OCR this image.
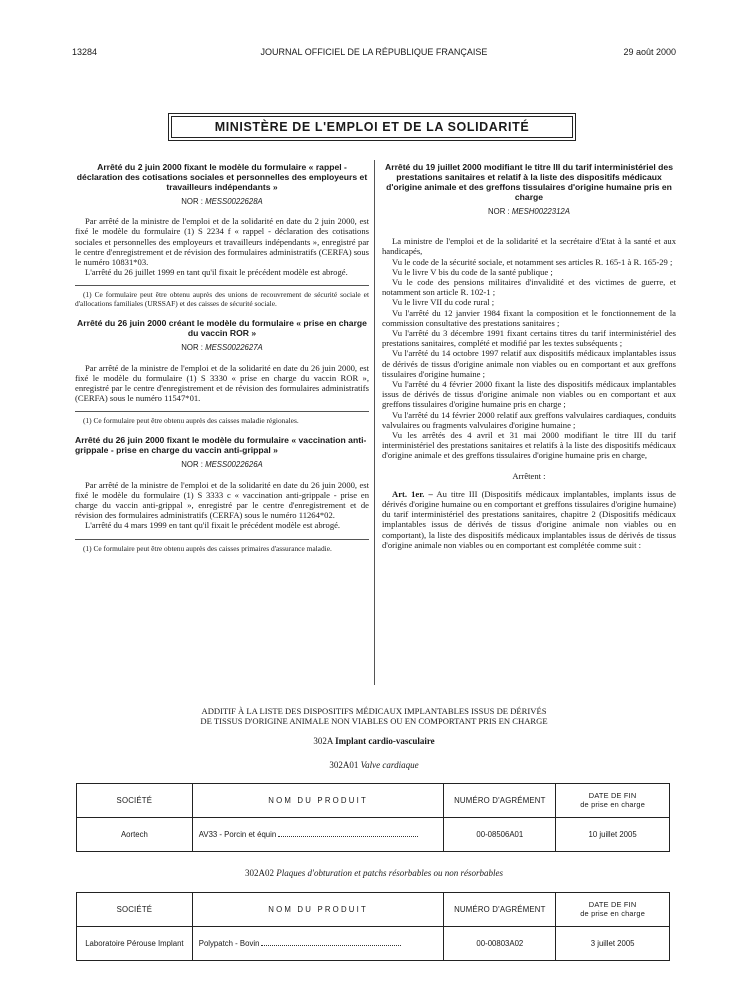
13284	JOURNAL OFFICIEL DE LA RÉPUBLIQUE FRANÇAISE	29 août 2000
MINISTÈRE DE L'EMPLOI ET DE LA SOLIDARITÉ
Arrêté du 2 juin 2000 fixant le modèle du formulaire « rappel - déclaration des cotisations sociales et personnelles des employeurs et travailleurs indépendants »
NOR : MESS0022628A

Par arrêté de la ministre de l'emploi et de la solidarité en date du 2 juin 2000, est fixé le modèle du formulaire (1) S 2234 f « rappel - déclaration des cotisations sociales et personnelles des employeurs et travailleurs indépendants », enregistré par le centre d'enregistrement et de révision des formulaires administratifs (CERFA) sous le numéro 10831*03.

L'arrêté du 26 juillet 1999 en tant qu'il fixait le précédent modèle est abrogé.

(1) Ce formulaire peut être obtenu auprès des unions de recouvrement de sécurité sociale et d'allocations familiales (URSSAF) et des caisses de sécurité sociale.

Arrêté du 26 juin 2000 créant le modèle du formulaire « prise en charge du vaccin ROR »
NOR : MESS0022627A

Par arrêté de la ministre de l'emploi et de la solidarité en date du 26 juin 2000, est fixé le modèle du formulaire (1) S 3330 « prise en charge du vaccin ROR », enregistré par le centre d'enregistrement et de révision des formulaires administratifs (CERFA) sous le numéro 11547*01.

(1) Ce formulaire peut être obtenu auprès des caisses maladie régionales.

Arrêté du 26 juin 2000 fixant le modèle du formulaire « vaccination anti-grippale - prise en charge du vaccin anti-grippal »
NOR : MESS0022626A

Par arrêté de la ministre de l'emploi et de la solidarité en date du 26 juin 2000, est fixé le modèle du formulaire (1) S 3333 c « vaccination anti-grippale - prise en charge du vaccin anti-grippal », enregistré par le centre d'enregistrement et de révision des formulaires administratifs (CERFA) sous le numéro 11264*02.

L'arrêté du 4 mars 1999 en tant qu'il fixait le précédent modèle est abrogé.

(1) Ce formulaire peut être obtenu auprès des caisses primaires d'assurance maladie.

Arrêté du 19 juillet 2000 modifiant le titre III du tarif interministériel des prestations sanitaires et relatif à la liste des dispositifs médicaux d'origine animale et des greffons tissulaires d'origine humaine pris en charge
NOR : MESH0022312A

La ministre de l'emploi et de la solidarité et la secrétaire d'Etat à la santé et aux handicapés,

Vu le code de la sécurité sociale, et notamment ses articles R. 165-1 à R. 165-29 ;

Vu le livre V bis du code de la santé publique ;

Vu le code des pensions militaires d'invalidité et des victimes de guerre, et notamment son article R. 102-1 ;

Vu le livre VII du code rural ;

Vu l'arrêté du 12 janvier 1984 fixant la composition et le fonctionnement de la commission consultative des prestations sanitaires ;

Vu l'arrêté du 3 décembre 1991 fixant certains titres du tarif interministériel des prestations sanitaires, complété et modifié par les textes subséquents ;

Vu l'arrêté du 14 octobre 1997 relatif aux dispositifs médicaux implantables issus de dérivés de tissus d'origine animale non viables ou en comportant et aux greffons tissulaires d'origine humaine ;

Vu l'arrêté du 4 février 2000 fixant la liste des dispositifs médicaux implantables issus de dérivés de tissus d'origine animale non viables ou en comportant et aux greffons tissulaires d'origine humaine pris en charge ;

Vu l'arrêté du 14 février 2000 relatif aux greffons valvulaires cardiaques, conduits valvulaires ou fragments valvulaires d'origine humaine ;

Vu les arrêtés des 4 avril et 31 mai 2000 modifiant le titre III du tarif interministériel des prestations sanitaires et relatifs à la liste des dispositifs médicaux d'origine animale et des greffons tissulaires d'origine humaine pris en charge,

Arrêtent :

Art. 1er. – Au titre III (Dispositifs médicaux implantables, implants issus de dérivés d'origine humaine ou en comportant et greffons tissulaires d'origine humaine) du tarif interministériel des prestations sanitaires, chapitre 2 (Dispositifs médicaux implantables issus de dérivés de tissus d'origine animale non viables ou en comportant), la liste des dispositifs médicaux implantables issus de dérivés de tissus d'origine animale non viables ou en comportant est complétée comme suit :

ADDITIF À LA LISTE DES DISPOSITIFS MÉDICAUX IMPLANTABLES ISSUS DE DÉRIVÉS
DE TISSUS D'ORIGINE ANIMALE NON VIABLES OU EN COMPORTANT PRIS EN CHARGE
302A Implant cardio-vasculaire
302A01 Valve cardiaque
SOCIÉTÉ	NOM DU PRODUIT	NUMÉRO D'AGRÉMENT	DATE DE FIN
de prise en charge

Aortech	AV33 - Porcin et équin	00-08506A01	10 juillet 2005
302A02 Plaques d'obturation et patchs résorbables ou non résorbables
SOCIÉTÉ	NOM DU PRODUIT	NUMÉRO D'AGRÉMENT	DATE DE FIN
de prise en charge

Laboratoire Pérouse Implant	Polypatch - Bovin	00-00803A02	3 juillet 2005
